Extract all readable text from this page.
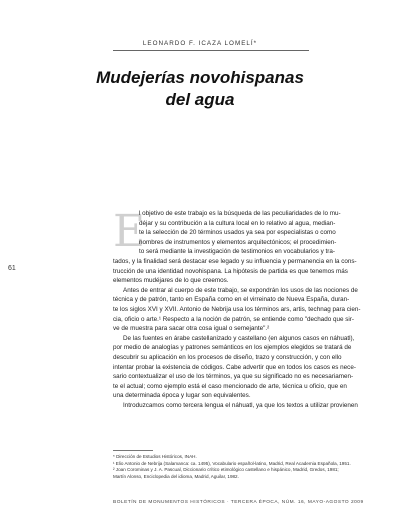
LEONARDO F. ICAZA LOMELÍ*
Mudejerías novohispanas
del agua
61
E
l objetivo de este trabajo es la búsqueda de las peculiaridades de lo mu-
déjar y su contribución a la cultura local en lo relativo al agua, median-
te la selección de 20 términos usados ya sea por especialistas o como
nombres de instrumentos y elementos arquitectónicos; el procedimien-
to será mediante la investigación de testimonios en vocabularios y tra-
tados, y la finalidad será destacar ese legado y su influencia y permanencia en la cons-
trucción de una identidad novohispana. La hipótesis de partida es que tenemos más
elementos mudéjares de lo que creemos.
Antes de entrar al cuerpo de este trabajo, se expondrán los usos de las nociones de
técnica y de patrón, tanto en España como en el virreinato de Nueva España, duran-
te los siglos XVI y XVII. Antonio de Nebrija usa los términos ars, artis, technag para cien-
cia, oficio o arte.¹ Respecto a la noción de patrón, se entiende como "dechado que sir-
ve de muestra para sacar otra cosa igual o semejante".²
De las fuentes en árabe castellanizado y castellano (en algunos casos en náhuatl),
por medio de analogías y patrones semánticos en los ejemplos elegidos se tratará de
descubrir su aplicación en los procesos de diseño, trazo y construcción, y con ello
intentar probar la existencia de códigos. Cabe advertir que en todos los casos es nece-
sario contextualizar el uso de los términos, ya que su significado no es necesariamen-
te el actual; como ejemplo está el caso mencionado de arte, técnica u oficio, que en
una determinada época y lugar son equivalentes.
Introduzcamos como tercera lengua el náhuatl, ya que los textos a utilizar provienen
* Dirección de Estudios Históricos, INAH.
¹ Elio Antonio de Nebrija (Salamanca: ca. 1495), Vocabulario español-latino, Madrid, Real Academia Española, 1951.
² Joan Corominas y J. A. Pascual, Diccionario crítico etimológico castellano e hispánico, Madrid, Gredos, 1981;
Martín Alonso, Enciclopedia del idioma, Madrid, Aguilar, 1982.
BOLETÍN DE MONUMENTOS HISTÓRICOS · TERCERA ÉPOCA, NÚM. 16, MAYO-AGOSTO 2009
